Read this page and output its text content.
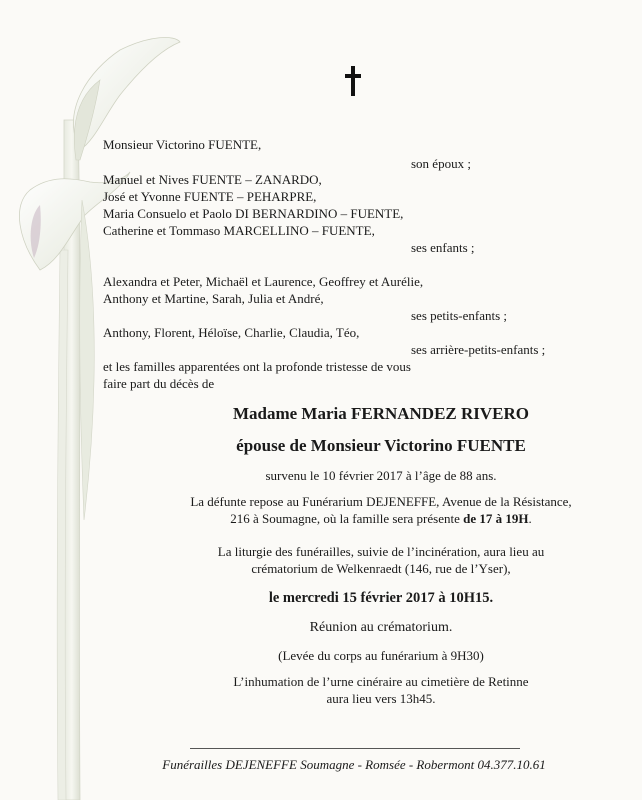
Monsieur Victorino FUENTE,
son époux ;
Manuel et Nives FUENTE – ZANARDO,
José et Yvonne FUENTE – PEHARPRE,
Maria Consuelo et Paolo DI BERNARDINO – FUENTE,
Catherine et Tommaso MARCELLINO – FUENTE,
ses enfants ;
Alexandra et Peter, Michaël et Laurence, Geoffrey et Aurélie,
Anthony et Martine, Sarah, Julia et André,
ses petits-enfants ;
Anthony, Florent, Héloïse, Charlie, Claudia, Téo,
ses arrière-petits-enfants ;
et les familles apparentées ont la profonde tristesse de vous
faire part du décès de
Madame Maria FERNANDEZ RIVERO
épouse de Monsieur Victorino FUENTE
survenu le 10 février 2017 à l’âge de 88 ans.
La défunte repose au Funérarium DEJENEFFE, Avenue de la Résistance,
216 à Soumagne, où la famille sera présente de 17 à 19H.
La liturgie des funérailles, suivie de l’incinération, aura lieu au
crématorium de Welkenraedt (146, rue de l’Yser),
le mercredi 15 février 2017 à 10H15.
Réunion au crématorium.
(Levée du corps au funérarium à 9H30)
L’inhumation de l’urne cinéraire au cimetière de Retinne
aura lieu vers 13h45.
Funérailles DEJENEFFE Soumagne - Romsée - Robermont 04.377.10.61
